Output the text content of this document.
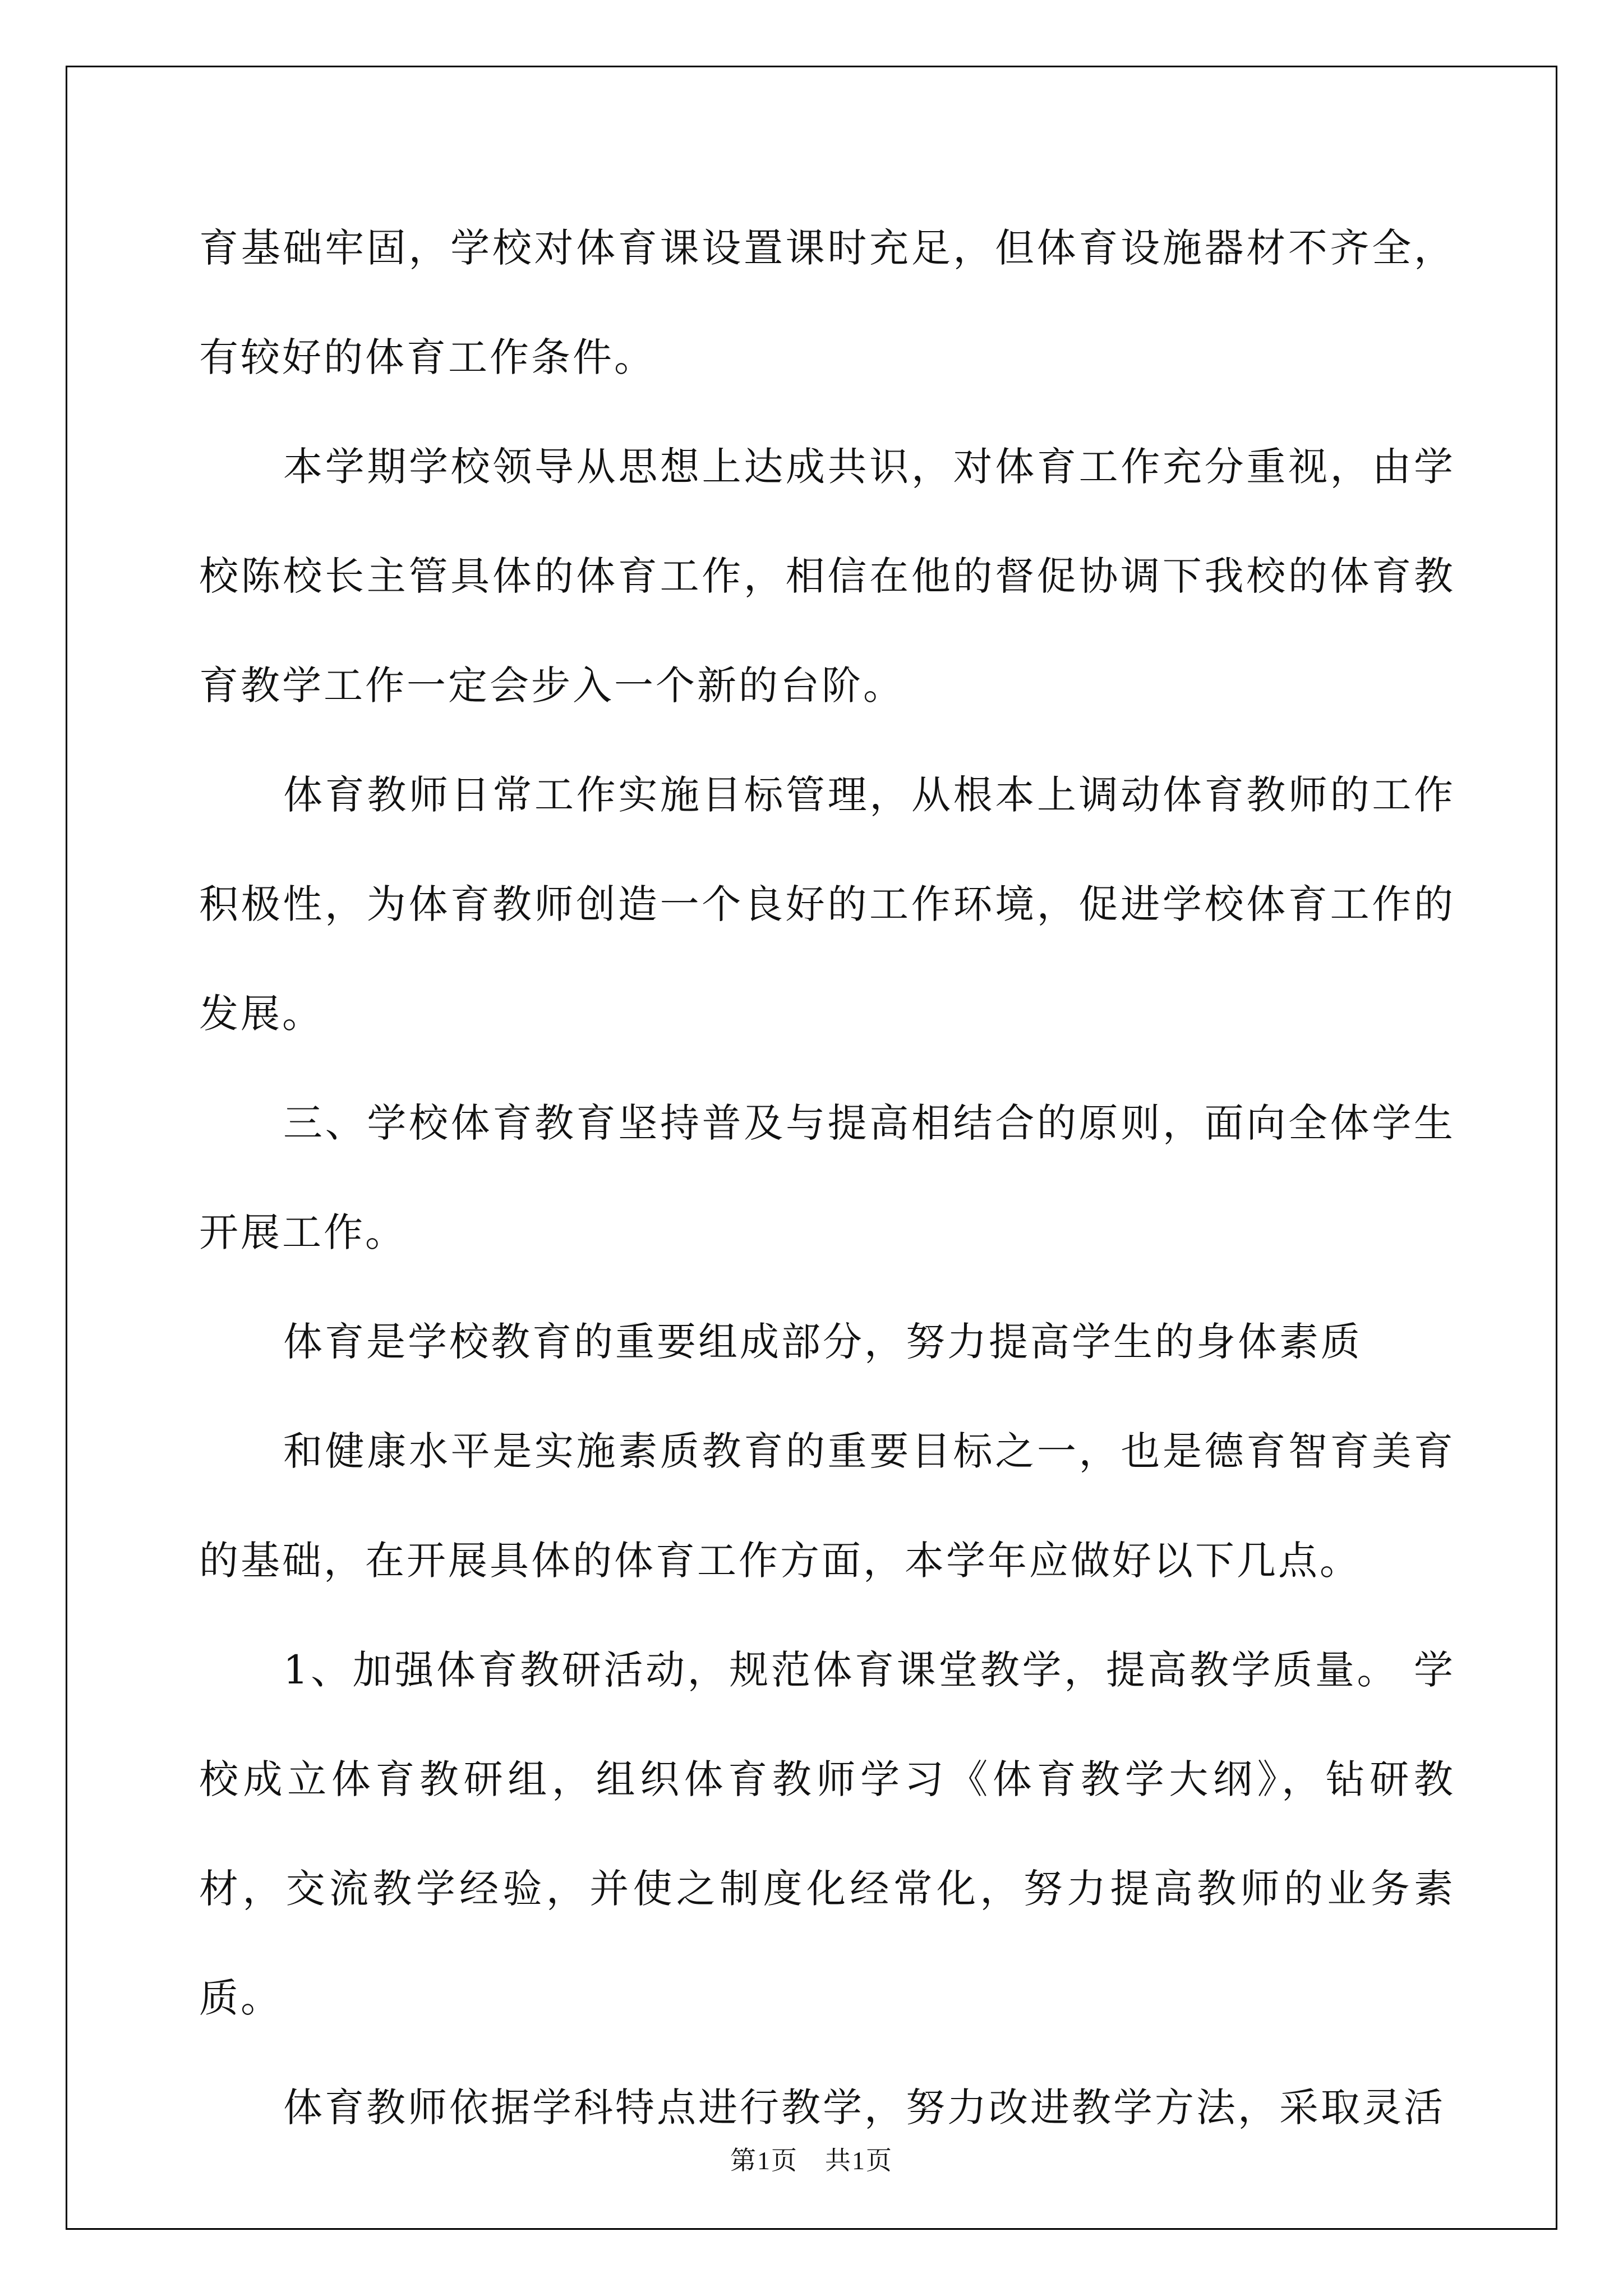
育基础牢固，学校对体育课设置课时充足，但体育设施器材不齐全，有较好的体育工作条件。

本学期学校领导从思想上达成共识，对体育工作充分重视，由学校陈校长主管具体的体育工作，相信在他的督促协调下我校的体育教育教学工作一定会步入一个新的台阶。

体育教师日常工作实施目标管理，从根本上调动体育教师的工作积极性，为体育教师创造一个良好的工作环境，促进学校体育工作的发展。

三、学校体育教育坚持普及与提高相结合的原则，面向全体学生开展工作。

体育是学校教育的重要组成部分，努力提高学生的身体素质

和健康水平是实施素质教育的重要目标之一，也是德育智育美育的基础，在开展具体的体育工作方面，本学年应做好以下几点。

1、加强体育教研活动，规范体育课堂教学，提高教学质量。 学校成立体育教研组，组织体育教师学习《体育教学大纲》，钻研教材，交流教学经验，并使之制度化经常化，努力提高教师的业务素质。

体育教师依据学科特点进行教学，努力改进教学方法，采取灵活

第1页　共1页
